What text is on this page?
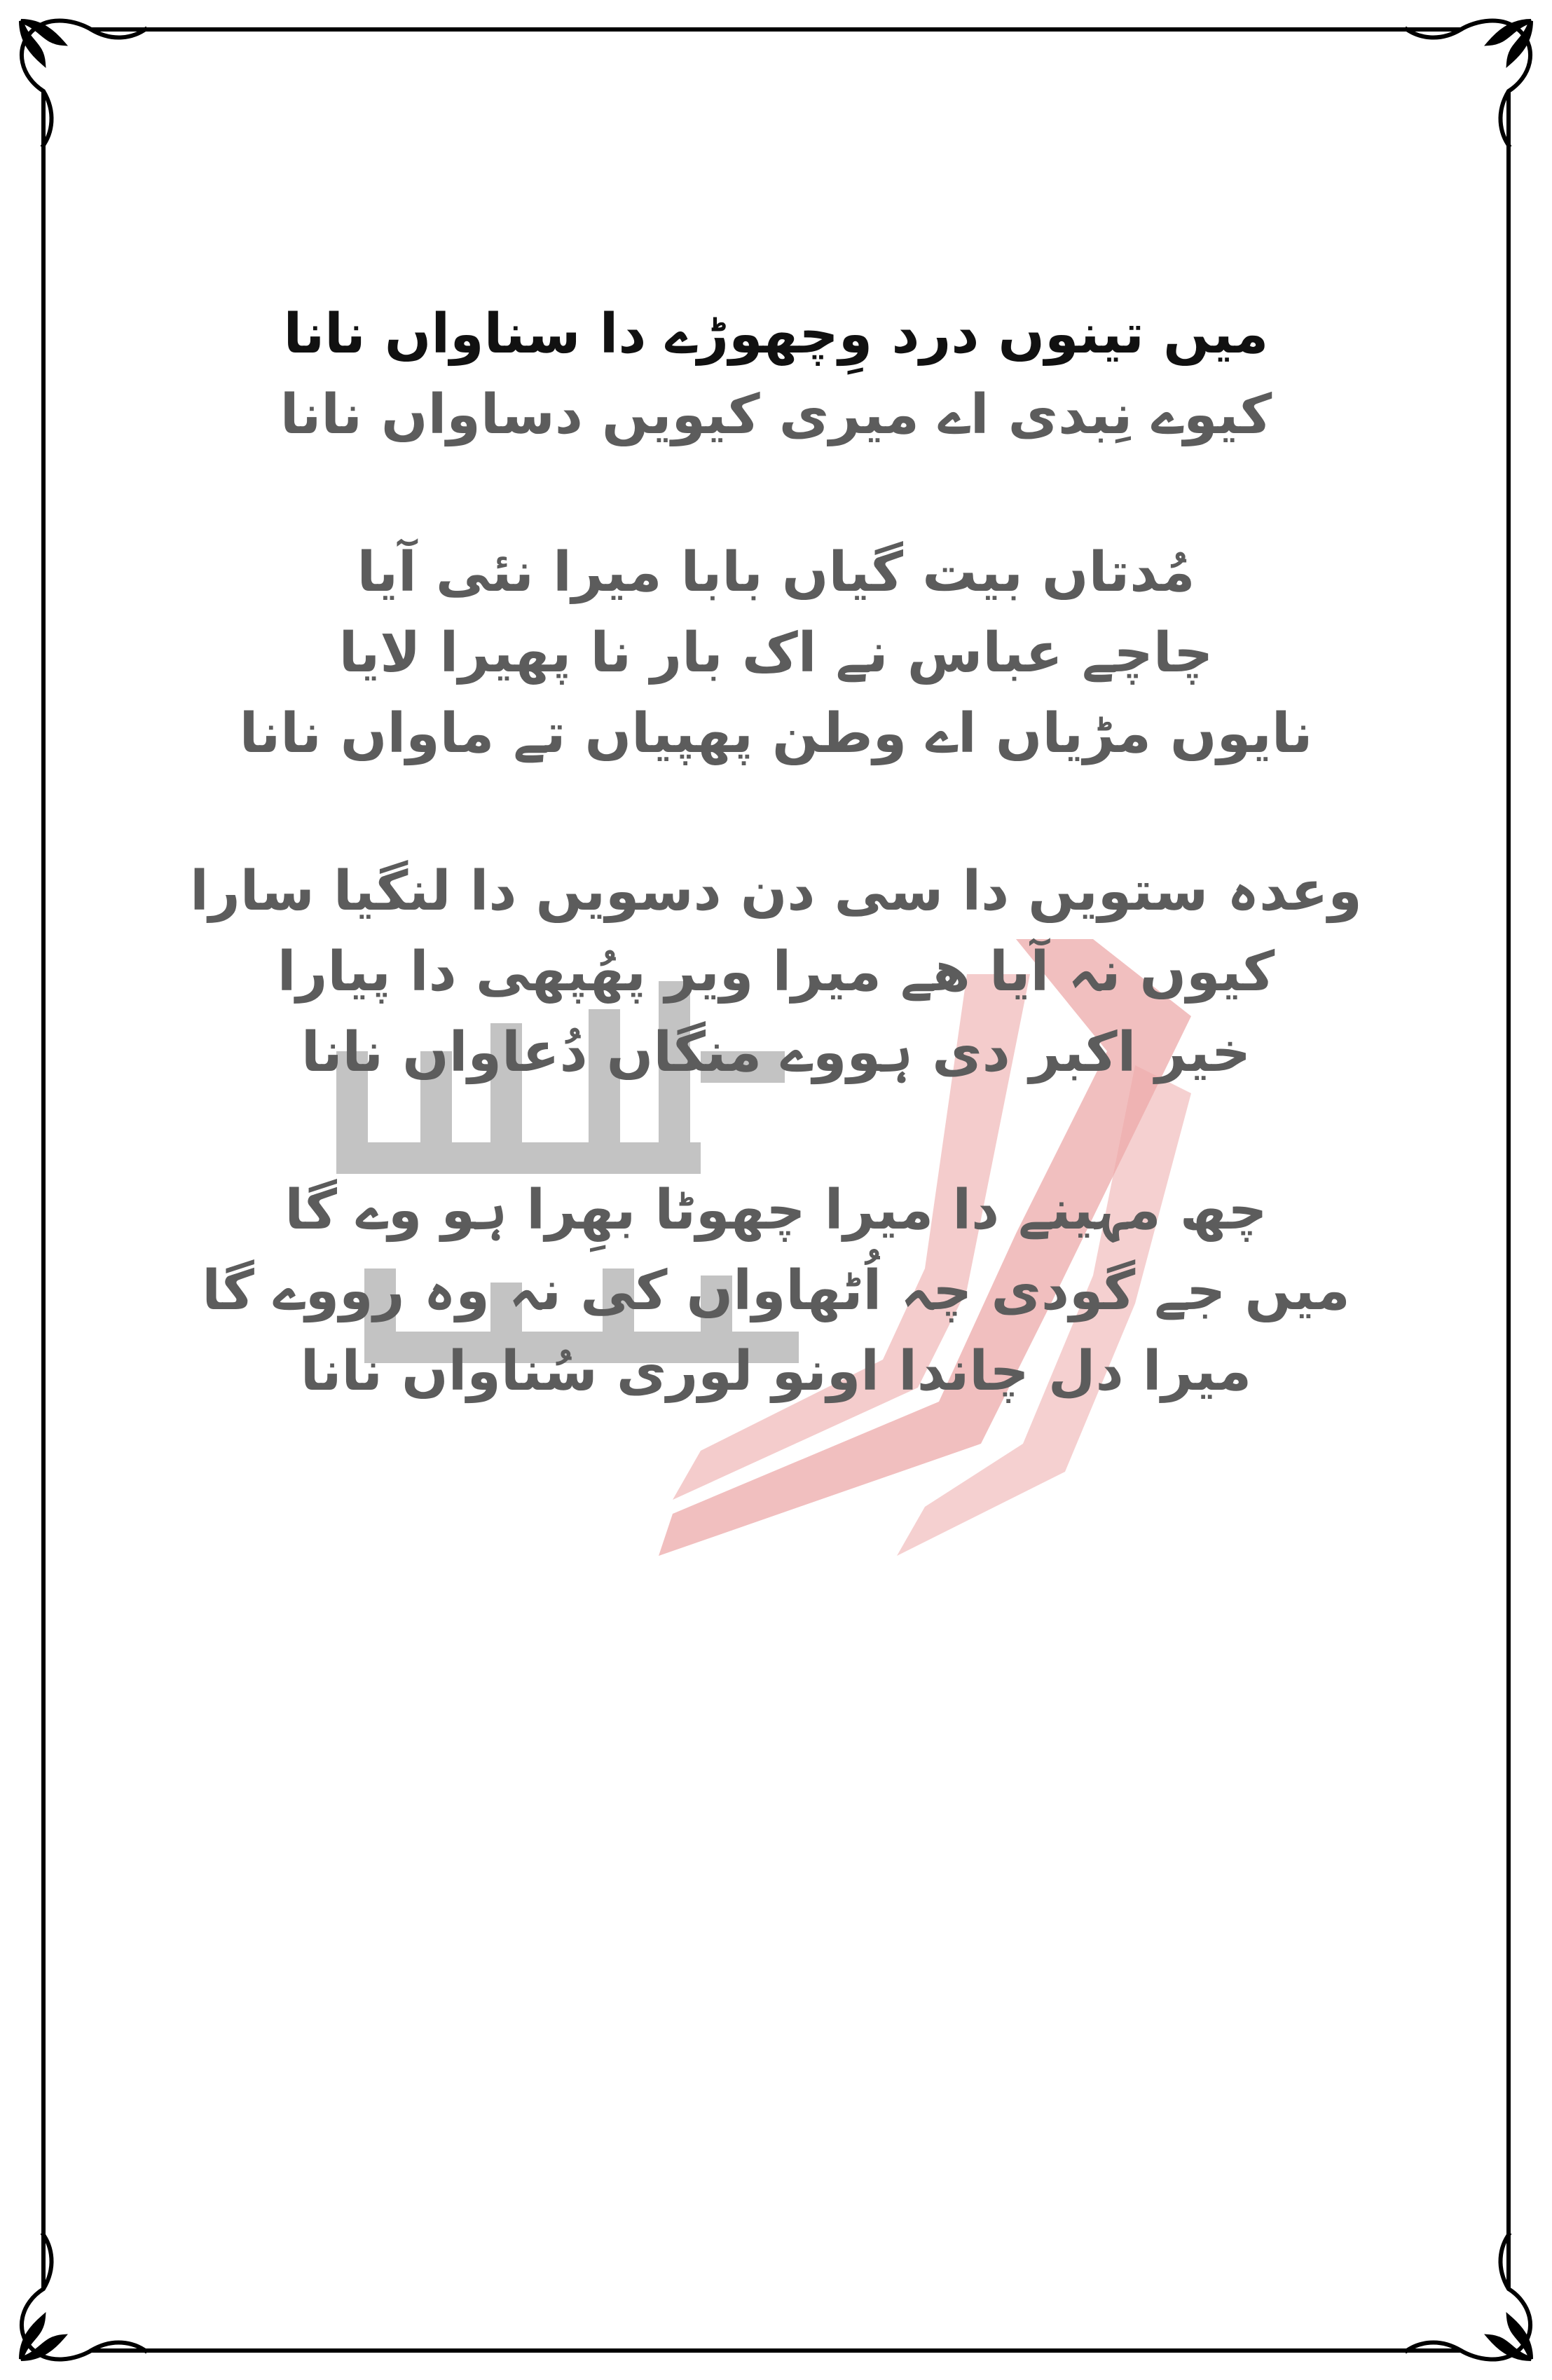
میں تینوں درد وِچھوڑے دا سناواں نانا
کیوے نِبدی اے میری کیویں دساواں نانا
مُدتاں بیت گیاں بابا میرا نئی آیا
چاچے عباس نے اک بار نا پھیرا لایا
نایوں مڑیاں اے وطن پھپیاں تے ماواں نانا
وعدہ ستویں دا سی دن دسویں دا لنگیا سارا
کیوں نہ آیا ھے میرا ویر پھُپھی دا پیارا
خیر اکبر دی ہووے منگاں دُعاواں نانا
چھ مہینے دا میرا چھوٹا بھِرا ہو وے گا
میں جے گودی چہ اُٹھاواں کی نہ وہ رووے گا
میرا دل چاندا اونو لوری سُناواں نانا
